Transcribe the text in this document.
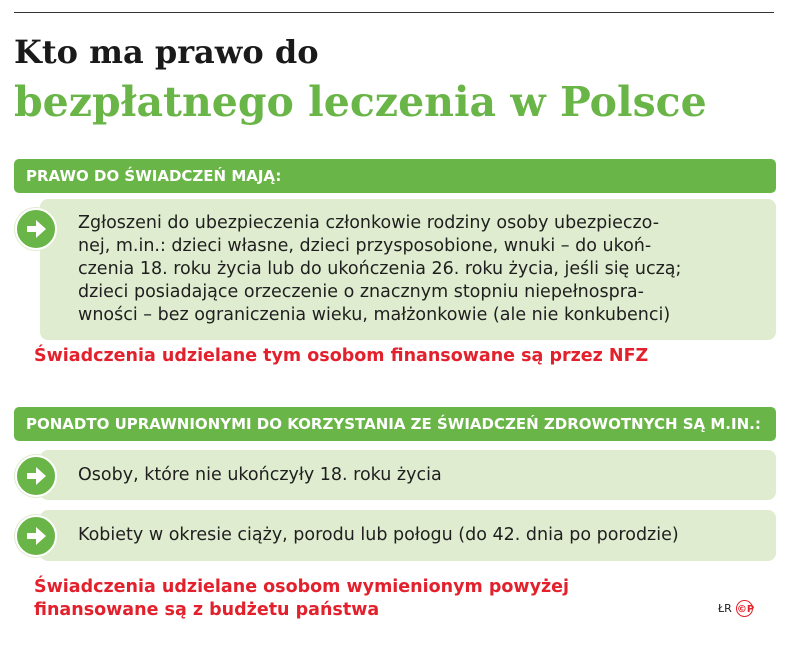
Kto ma prawo do
bezpłatnego leczenia w Polsce
PRAWO DO ŚWIADCZEŃ MAJĄ:
Zgłoszeni do ubezpieczenia członkowie rodziny osoby ubezpieczo-
nej, m.in.: dzieci własne, dzieci przysposobione, wnuki – do ukoń-
czenia 18. roku życia lub do ukończenia 26. roku życia, jeśli się uczą;
dzieci posiadające orzeczenie o znacznym stopniu niepełnospra-
wności – bez ograniczenia wieku, małżonkowie (ale nie konkubenci)
Świadczenia udzielane tym osobom finansowane są przez NFZ
PONADTO UPRAWNIONYMI DO KORZYSTANIA ZE ŚWIADCZEŃ ZDROWOTNYCH SĄ M.IN.:
Osoby, które nie ukończyły 18. roku życia
Kobiety w okresie ciąży, porodu lub połogu (do 42. dnia po porodzie)
Świadczenia udzielane osobom wymienionym powyżej
finansowane są z budżetu państwa	ŁR ©P
